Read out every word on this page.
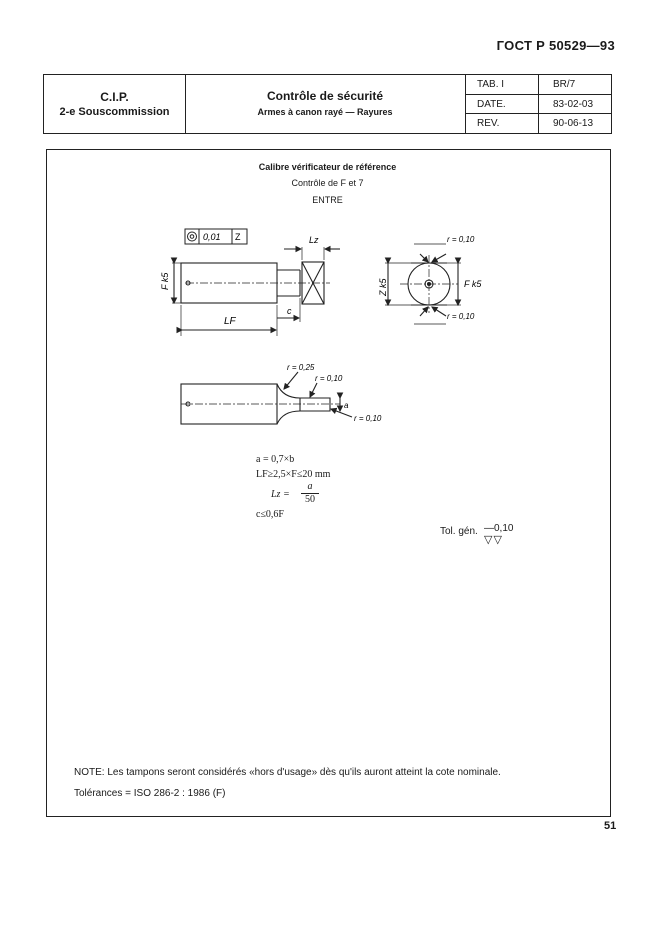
ГОСТ Р 50529—93
C.I.P.
2-e Souscommission
Contrôle de sécurité
Armes à canon rayé — Rayures
TAB. I
DATE.
REV.
BR/7
83-02-03
90-06-13
Calibre vérificateur de référence
Contrôle de F et 7
ENTRE
0,01 Z
F k5
LF
c
Lz	r = 0,10
r = 0,10
Z k5	F k5
r = 0,25
r = 0,10
r = 0,10
a
a = 0,7×b
LF≥2,5×F≤20 mm
Lz =
a
50
c≤0,6F
Tol. gén. —0,10
▽▽
NOTE: Les tampons seront considérés «hors d'usage» dès qu'ils auront atteint la cote nominale.
Tolérances = ISO 286-2 : 1986 (F)
51
